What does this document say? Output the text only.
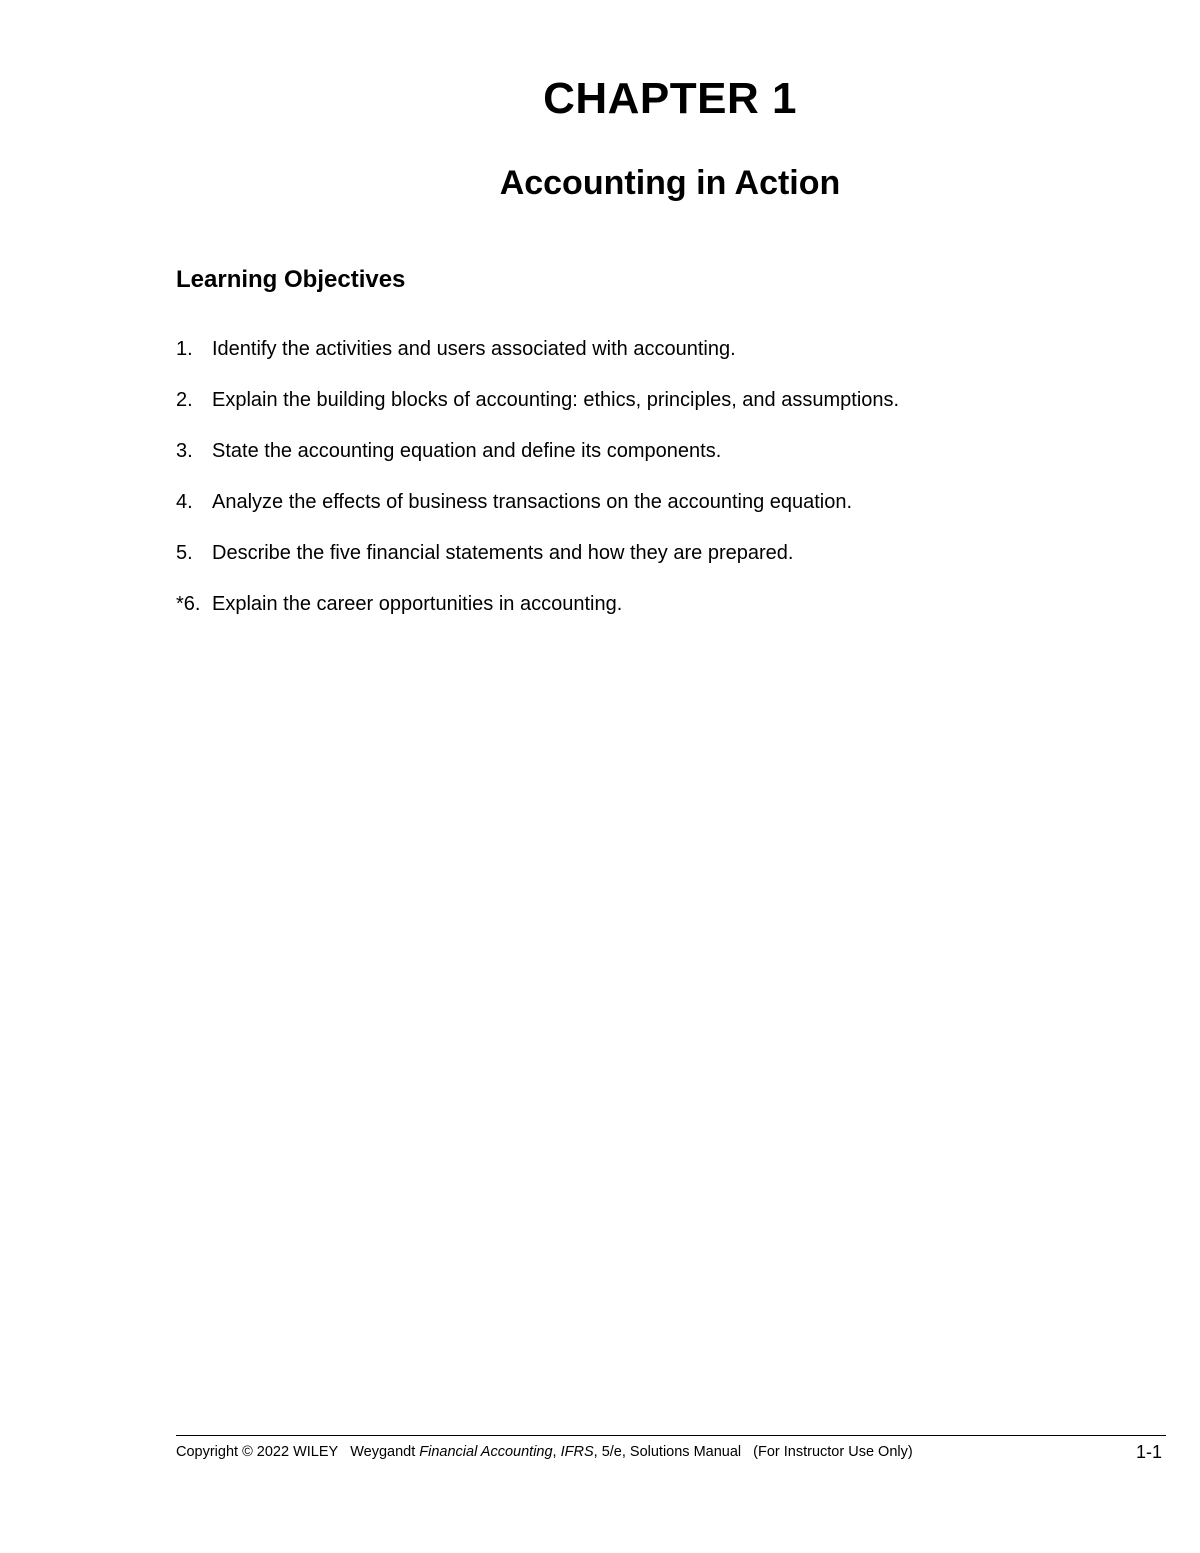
CHAPTER 1
Accounting in Action
Learning Objectives
1. Identify the activities and users associated with accounting.
2. Explain the building blocks of accounting: ethics, principles, and assumptions.
3. State the accounting equation and define its components.
4. Analyze the effects of business transactions on the accounting equation.
5. Describe the five financial statements and how they are prepared.
*6. Explain the career opportunities in accounting.
Copyright © 2022 WILEY Weygandt Financial Accounting, IFRS, 5/e, Solutions Manual (For Instructor Use Only)	1-1
